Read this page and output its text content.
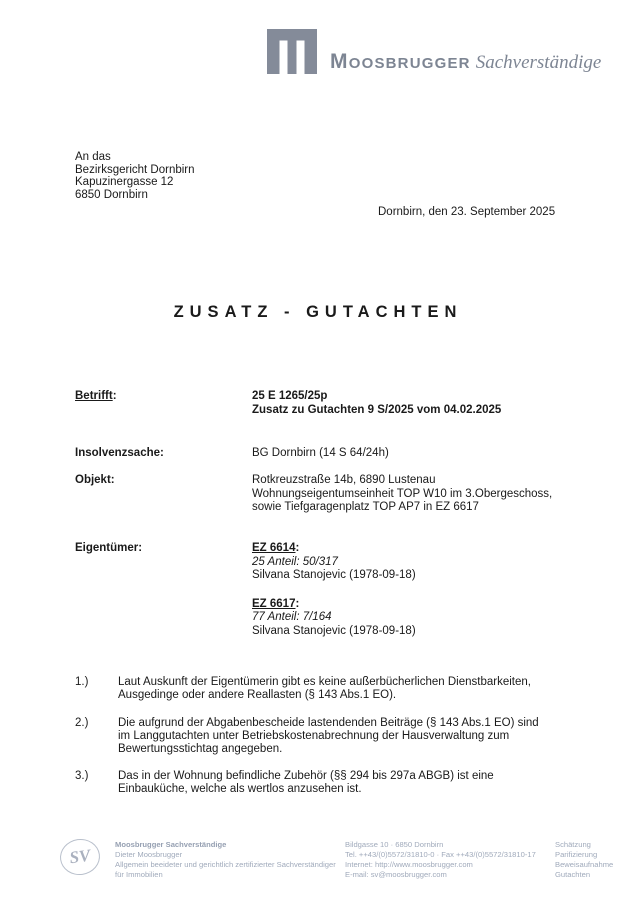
Moosbrugger Sachverständige
An das
Bezirksgericht Dornbirn
Kapuzinergasse 12
6850 Dornbirn
Dornbirn, den 23. September 2025
ZUSATZ - GUTACHTEN
Betrifft:	25 E 1265/25p
Zusatz zu Gutachten 9 S/2025 vom 04.02.2025
Insolvenzsache:	BG Dornbirn (14 S 64/24h)
Objekt:	Rotkreuzstraße 14b, 6890 Lustenau
Wohnungseigentumseinheit TOP W10 im 3.Obergeschoss,
sowie Tiefgaragenplatz TOP AP7 in EZ 6617
Eigentümer:	EZ 6614:
25 Anteil: 50/317
Silvana Stanojevic (1978-09-18)
EZ 6617:
77 Anteil: 7/164
Silvana Stanojevic (1978-09-18)
1.)	Laut Auskunft der Eigentümerin gibt es keine außerbücherlichen Dienstbarkeiten,
Ausgedinge oder andere Reallasten (§ 143 Abs.1 EO).
2.)	Die aufgrund der Abgabenbescheide lastendenden Beiträge (§ 143 Abs.1 EO) sind
im Langgutachten unter Betriebskostenabrechnung der Hausverwaltung zum
Bewertungsstichtag angegeben.
3.)	Das in der Wohnung befindliche Zubehör (§§ 294 bis 297a ABGB) ist eine
Einbauküche, welche als wertlos anzusehen ist.
SV
Moosbrugger Sachverständige
Dieter Moosbrugger
Allgemein beeideter und gerichtlich zertifizierter Sachverständiger
für Immobilien
Bildgasse 10 · 6850 Dornbirn
Tel. ++43/(0)5572/31810-0 · Fax ++43/(0)5572/31810-17
Internet: http://www.moosbrugger.com
E-mail: sv@moosbrugger.com
Schätzung
Parifizierung
Beweisaufnahme
Gutachten
